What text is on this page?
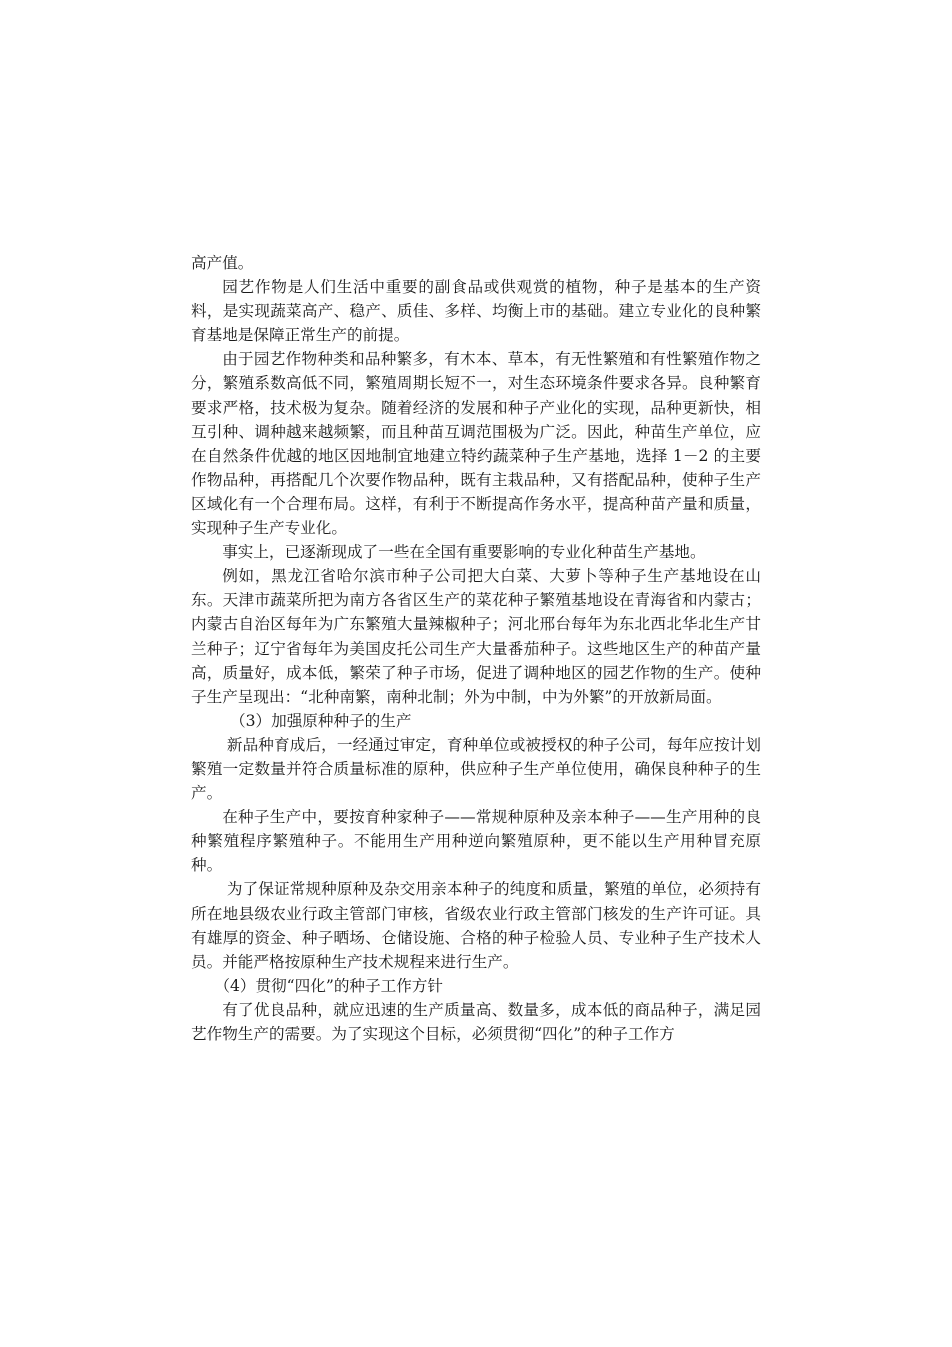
高产值。

园艺作物是人们生活中重要的副食品或供观赏的植物，种子是基本的生产资料，是实现蔬菜高产、稳产、质佳、多样、均衡上市的基础。建立专业化的良种繁育基地是保障正常生产的前提。

由于园艺作物种类和品种繁多，有木本、草本，有无性繁殖和有性繁殖作物之分，繁殖系数高低不同，繁殖周期长短不一，对生态环境条件要求各异。良种繁育要求严格，技术极为复杂。随着经济的发展和种子产业化的实现，品种更新快，相互引种、调种越来越频繁，而且种苗互调范围极为广泛。因此，种苗生产单位，应在自然条件优越的地区因地制宜地建立特约蔬菜种子生产基地，选择 1－2 的主要作物品种，再搭配几个次要作物品种，既有主栽品种，又有搭配品种，使种子生产区域化有一个合理布局。这样，有利于不断提高作务水平，提高种苗产量和质量，实现种子生产专业化。

事实上，已逐渐现成了一些在全国有重要影响的专业化种苗生产基地。

例如，黑龙江省哈尔滨市种子公司把大白菜、大萝卜等种子生产基地设在山东。天津市蔬菜所把为南方各省区生产的菜花种子繁殖基地设在青海省和内蒙古；内蒙古自治区每年为广东繁殖大量辣椒种子；河北邢台每年为东北西北华北生产甘兰种子；辽宁省每年为美国皮托公司生产大量番茄种子。这些地区生产的种苗产量高，质量好，成本低，繁荣了种子市场，促进了调种地区的园艺作物的生产。使种子生产呈现出：“北种南繁，南种北制；外为中制，中为外繁”的开放新局面。

（3）加强原种种子的生产

新品种育成后，一经通过审定，育种单位或被授权的种子公司，每年应按计划繁殖一定数量并符合质量标准的原种，供应种子生产单位使用，确保良种种子的生产。

在种子生产中，要按育种家种子——常规种原种及亲本种子——生产用种的良种繁殖程序繁殖种子。不能用生产用种逆向繁殖原种，更不能以生产用种冒充原种。

为了保证常规种原种及杂交用亲本种子的纯度和质量，繁殖的单位，必须持有所在地县级农业行政主管部门审核，省级农业行政主管部门核发的生产许可证。具有雄厚的资金、种子晒场、仓储设施、合格的种子检验人员、专业种子生产技术人员。并能严格按原种生产技术规程来进行生产。

（4）贯彻“四化”的种子工作方针

有了优良品种，就应迅速的生产质量高、数量多，成本低的商品种子，满足园艺作物生产的需要。为了实现这个目标，必须贯彻“四化”的种子工作方
